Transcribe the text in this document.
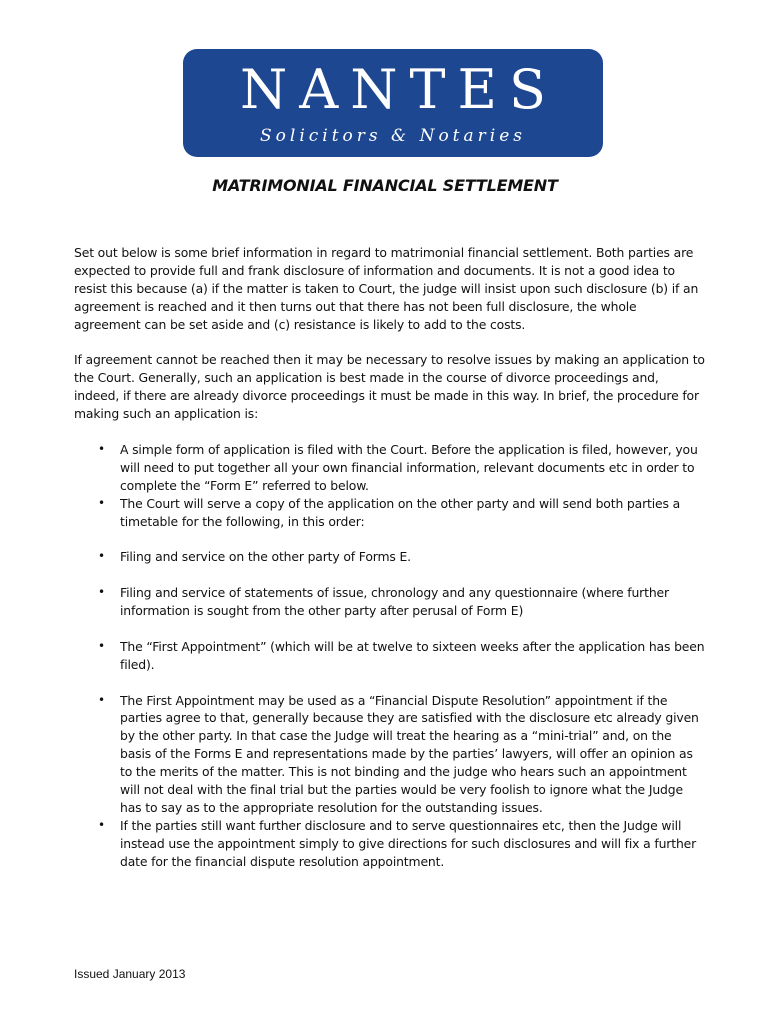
NANTES
Solicitors & Notaries
MATRIMONIAL FINANCIAL SETTLEMENT

Set out below is some brief information in regard to matrimonial financial settlement. Both parties are expected to provide full and frank disclosure of information and documents. It is not a good idea to resist this because (a) if the matter is taken to Court, the judge will insist upon such disclosure (b) if an agreement is reached and it then turns out that there has not been full disclosure, the whole agreement can be set aside and (c) resistance is likely to add to the costs.

If agreement cannot be reached then it may be necessary to resolve issues by making an application to the Court. Generally, such an application is best made in the course of divorce proceedings and, indeed, if there are already divorce proceedings it must be made in this way. In brief, the procedure for making such an application is:

• A simple form of application is filed with the Court. Before the application is filed, however, you will need to put together all your own financial information, relevant documents etc in order to complete the “Form E” referred to below.
• The Court will serve a copy of the application on the other party and will send both parties a timetable for the following, in this order:
• Filing and service on the other party of Forms E.
• Filing and service of statements of issue, chronology and any questionnaire (where further information is sought from the other party after perusal of Form E)
• The “First Appointment” (which will be at twelve to sixteen weeks after the application has been filed).
• The First Appointment may be used as a “Financial Dispute Resolution” appointment if the parties agree to that, generally because they are satisfied with the disclosure etc already given by the other party. In that case the Judge will treat the hearing as a “mini-trial” and, on the basis of the Forms E and representations made by the parties’ lawyers, will offer an opinion as to the merits of the matter. This is not binding and the judge who hears such an appointment will not deal with the final trial but the parties would be very foolish to ignore what the Judge has to say as to the appropriate resolution for the outstanding issues.
• If the parties still want further disclosure and to serve questionnaires etc, then the Judge will instead use the appointment simply to give directions for such disclosures and will fix a further date for the financial dispute resolution appointment.
Issued January 2013
